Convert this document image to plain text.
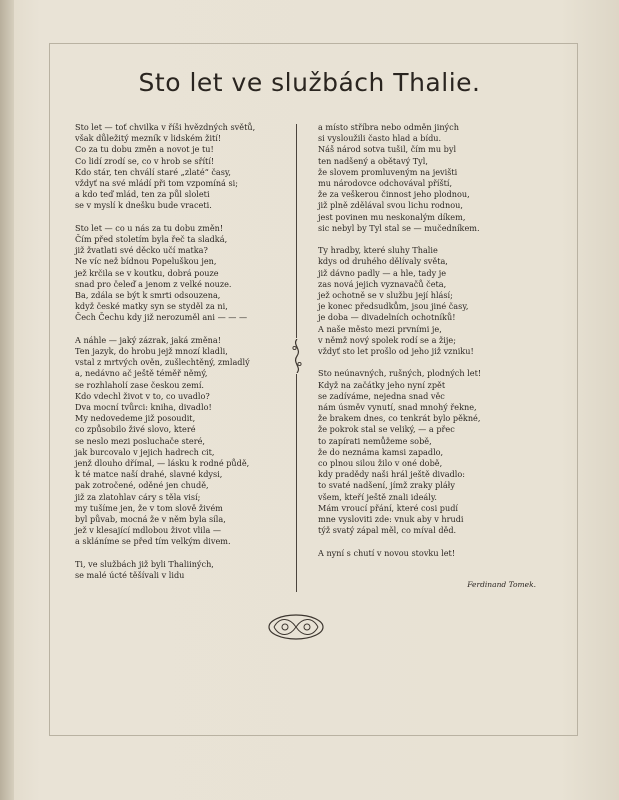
Sto let ve službách Thalie.
Sto let — toť chvilka v říši hvězdných světů,
však důležitý mezník v lidském žití!
Co za tu dobu změn a novot je tu!
Co lidí zrodí se, co v hrob se sřítí!
Kdo stár, ten chválí staré „zlaté“ časy,
vždyť na své mládí při tom vzpomíná si;
a kdo teď mlád, ten za půl sloleti
se v myslí k dnešku bude vraceti.
Sto let — co u nás za tu dobu změn!
Čím před stoletím byla řeč ta sladká,
již žvatlati své děcko učí matka?
Ne víc než bídnou Popeluškou jen,
jež krčila se v koutku, dobrá pouze
snad pro čeleď a jenom z velké nouze.
Ba, zdála se být k smrti odsouzena,
když české matky syn se styděl za ni,
Čech Čechu kdy již nerozuměl ani — — —
A náhle — jaký zázrak, jaká změna!
Ten jazyk, do hrobu jejž mnozí kladli,
vstal z mrtvých ověn, zušlechtěný, zmladlý
a, nedávno ač ještě téměř němý,
se rozhlaholí zase českou zemí.
Kdo vdechl život v to, co uvadlo?
Dva mocní tvůrci: kniha, divadlo!
My nedovedeme již posoudit,
co způsobilo živé slovo, které
se neslo mezi posluchače steré,
jak burcovalo v jejich hadrech cit,
jenž dlouho dřímal, — lásku k rodné půdě,
k té matce naší drahé, slavné kdysi,
pak zotročené, oděné jen chudě,
již za zlatohlav cáry s těla visí;
my tušíme jen, že v tom slově živém
byl půvab, mocná že v něm byla síla,
jež v klesající mdlobou život vlila —
a skláníme se před tím velkým divem.
Ti, ve službách již byli Thaliiných,
se malé úcté těšívali v lidu
a místo stříbra nebo odměn jiných
si vysloužili často hlad a bídu.
Náš národ sotva tušil, čím mu byl
ten nadšený a obětavý Tyl,
že slovem promluveným na jevišti
mu národovce odchovával příští,
že za veškerou činnost jeho plodnou,
již plně zdělával svou lichu rodnou,
jest povinen mu neskonalým díkem,
sic nebyl by Tyl stal se — mučedníkem.
Ty hradby, které sluhy Thalie
kdys od druhého dělívaly světa,
již dávno padly — a hle, tady je
zas nová jejich vyznavačů četa,
jež ochotně se v službu její hlásí;
je konec předsudkům, jsou jiné časy,
je doba — divadelních ochotníků!
A naše město mezi prvními je,
v němž nový spolek rodí se a žije;
vždyť sto let prošlo od jeho již vzniku!
Sto neúnavných, rušných, plodných let!
Když na začátky jeho nyní zpět
se zadíváme, nejedna snad věc
nám úsměv vynutí, snad mnohý řekne,
že brakem dnes, co tenkrát bylo pěkné,
že pokrok stal se veliký, — a přec
to zapírati nemůžeme sobě,
že do neznáma kamsi zapadlo,
co plnou silou žilo v oné době,
kdy pradědy naši hrál ještě divadlo:
to svaté nadšení, jímž zraky pláły
všem, kteří ještě znali ideály.
Mám vroucí přání, které cosi pudí
mne vysloviti zde: vnuk aby v hrudi
týž svatý zápal měl, co míval děd.
A nyní s chutí v novou stovku let!
Ferdinand Tomek.
